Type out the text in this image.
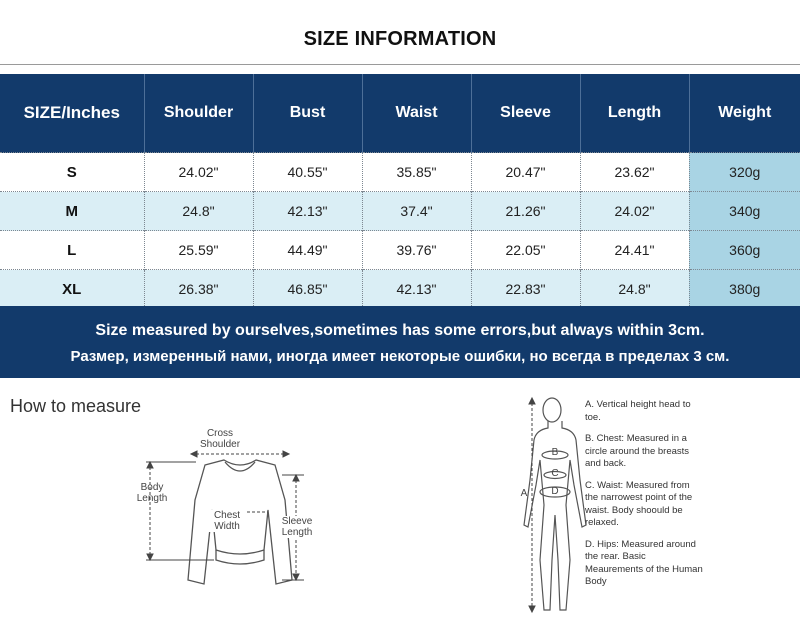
SIZE INFORMATION
SIZE/Inches	Shoulder	Bust	Waist	Sleeve	Length	Weight
S	24.02"	40.55"	35.85"	20.47"	23.62"	320g
M	24.8"	42.13"	37.4"	21.26"	24.02"	340g
L	25.59"	44.49"	39.76"	22.05"	24.41"	360g
XL	26.38"	46.85"	42.13"	22.83"	24.8"	380g
Size measured by ourselves,sometimes has some errors,but always within 3cm.
Размер, измеренный нами, иногда имеет некоторые ошибки, но всегда в пределах 3 см.
How to measure
Cross Shoulder
Body Length
Chest Width	Sleeve Length
B
C
D
A

A. Vertical height head to toe.

B. Chest: Measured in a circle around the breasts and back.

C. Waist: Measured from the narrowest point of the waist. Body shoould be relaxed.

D. Hips: Measured around the rear. Basic Meaurements of the Human Body
